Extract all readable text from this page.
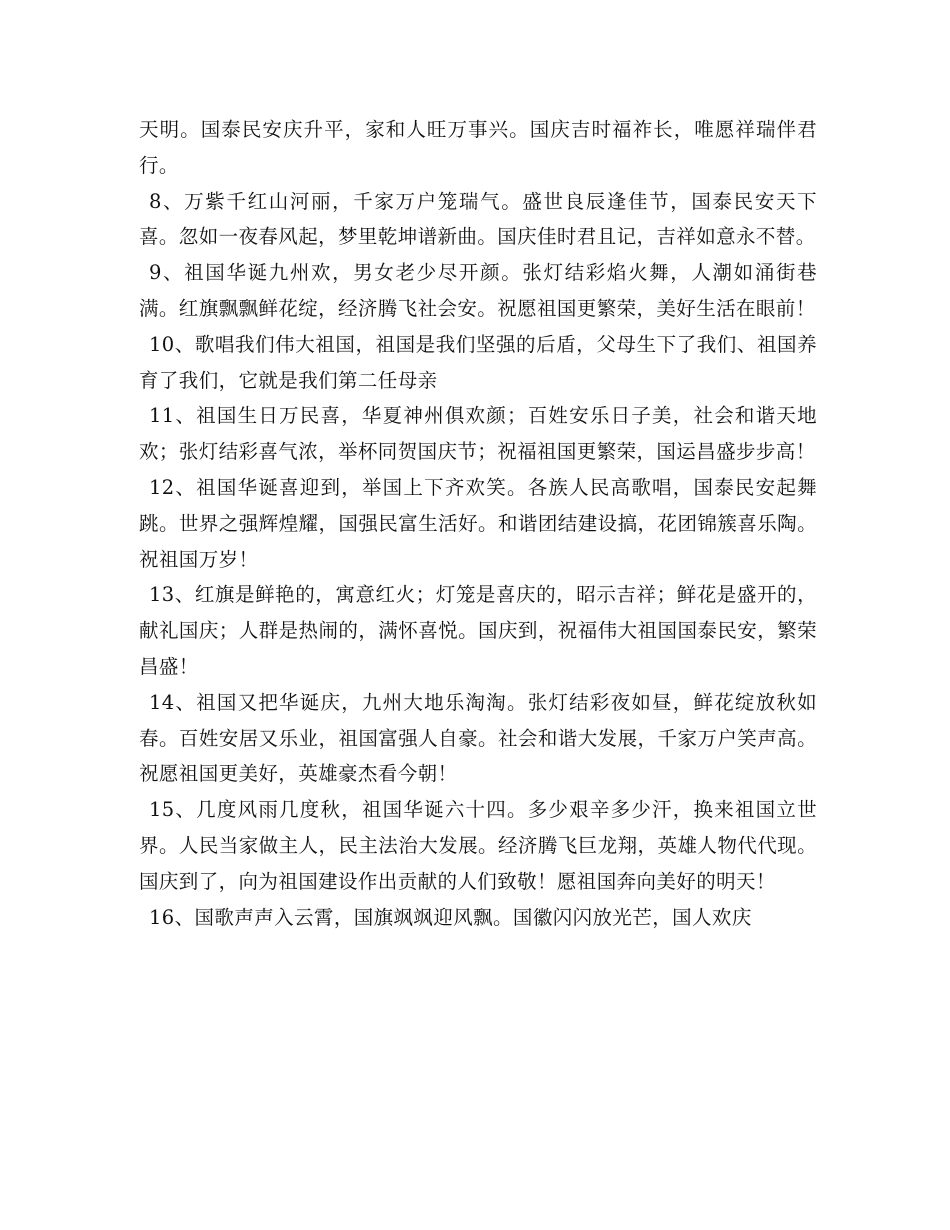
天明。国泰民安庆升平，家和人旺万事兴。国庆吉时福祚长，唯愿祥瑞伴君行。

8、万紫千红山河丽，千家万户笼瑞气。盛世良辰逢佳节，国泰民安天下喜。忽如一夜春风起，梦里乾坤谱新曲。国庆佳时君且记，吉祥如意永不替。

9、祖国华诞九州欢，男女老少尽开颜。张灯结彩焰火舞，人潮如涌街巷满。红旗飘飘鲜花绽，经济腾飞社会安。祝愿祖国更繁荣，美好生活在眼前！

10、歌唱我们伟大祖国，祖国是我们坚强的后盾，父母生下了我们、祖国养育了我们，它就是我们第二任母亲

11、祖国生日万民喜，华夏神州俱欢颜；百姓安乐日子美，社会和谐天地欢；张灯结彩喜气浓，举杯同贺国庆节；祝福祖国更繁荣，国运昌盛步步高！

12、祖国华诞喜迎到，举国上下齐欢笑。各族人民高歌唱，国泰民安起舞跳。世界之强辉煌耀，国强民富生活好。和谐团结建设搞，花团锦簇喜乐陶。祝祖国万岁！

13、红旗是鲜艳的，寓意红火；灯笼是喜庆的，昭示吉祥；鲜花是盛开的，献礼国庆；人群是热闹的，满怀喜悦。国庆到，祝福伟大祖国国泰民安，繁荣昌盛！

14、祖国又把华诞庆，九州大地乐淘淘。张灯结彩夜如昼，鲜花绽放秋如春。百姓安居又乐业，祖国富强人自豪。社会和谐大发展，千家万户笑声高。祝愿祖国更美好，英雄豪杰看今朝！

15、几度风雨几度秋，祖国华诞六十四。多少艰辛多少汗，换来祖国立世界。人民当家做主人，民主法治大发展。经济腾飞巨龙翔，英雄人物代代现。国庆到了，向为祖国建设作出贡献的人们致敬！愿祖国奔向美好的明天！

16、国歌声声入云霄，国旗飒飒迎风飘。国徽闪闪放光芒，国人欢庆
